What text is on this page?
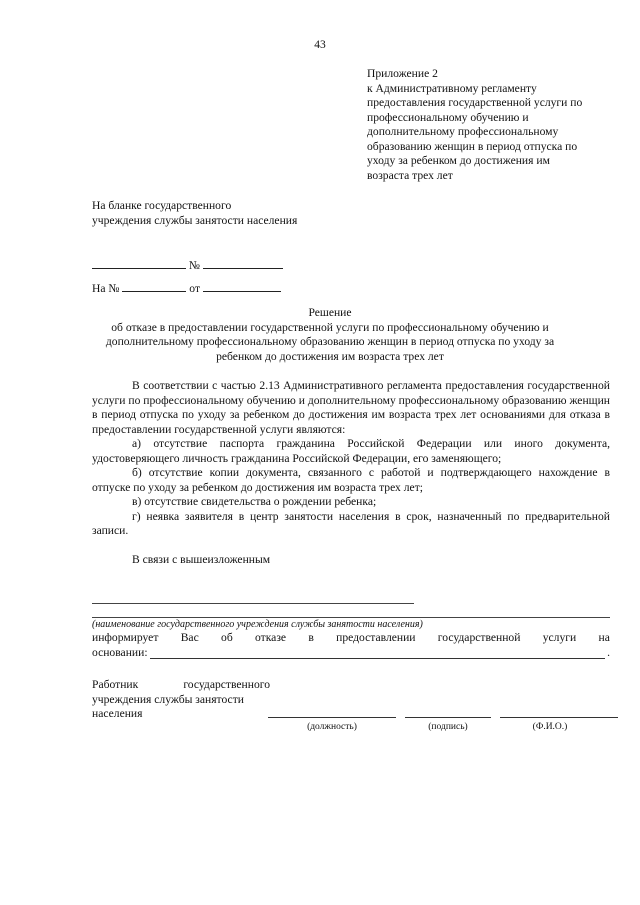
43
Приложение 2
к Административному регламенту
предоставления государственной услуги по
профессиональному обучению и
дополнительному профессиональному
образованию женщин в период отпуска по
уходу за ребенком до достижения им
возраста трех лет
На бланке государственного
учреждения службы занятости населения
№
На №	от
Решение
об отказе в предоставлении государственной услуги по профессиональному обучению и
дополнительному профессиональному образованию женщин в период отпуска по уходу за
ребенком до достижения им возраста трех лет
В соответствии с частью 2.13 Административного регламента предоставления государственной услуги по профессиональному обучению и дополнительному профессиональному образованию женщин в период отпуска по уходу за ребенком до достижения им возраста трех лет основаниями для отказа в предоставлении государственной услуги являются:
а) отсутствие паспорта гражданина Российской Федерации или иного документа, удостоверяющего личность гражданина Российской Федерации, его заменяющего;
б) отсутствие копии документа, связанного с работой и подтверждающего нахождение в отпуске по уходу за ребенком до достижения им возраста трех лет;
в) отсутствие свидетельства о рождении ребенка;
г) неявка заявителя в центр занятости населения в срок, назначенный по предварительной записи.
В связи с вышеизложенным
(наименование государственного учреждения службы занятости населения)
информирует Вас об отказе в предоставлении государственной услуги на
основании:	.
Работник	государственного
учреждения службы занятости
населения
(должность)	(подпись)	(Ф.И.О.)
